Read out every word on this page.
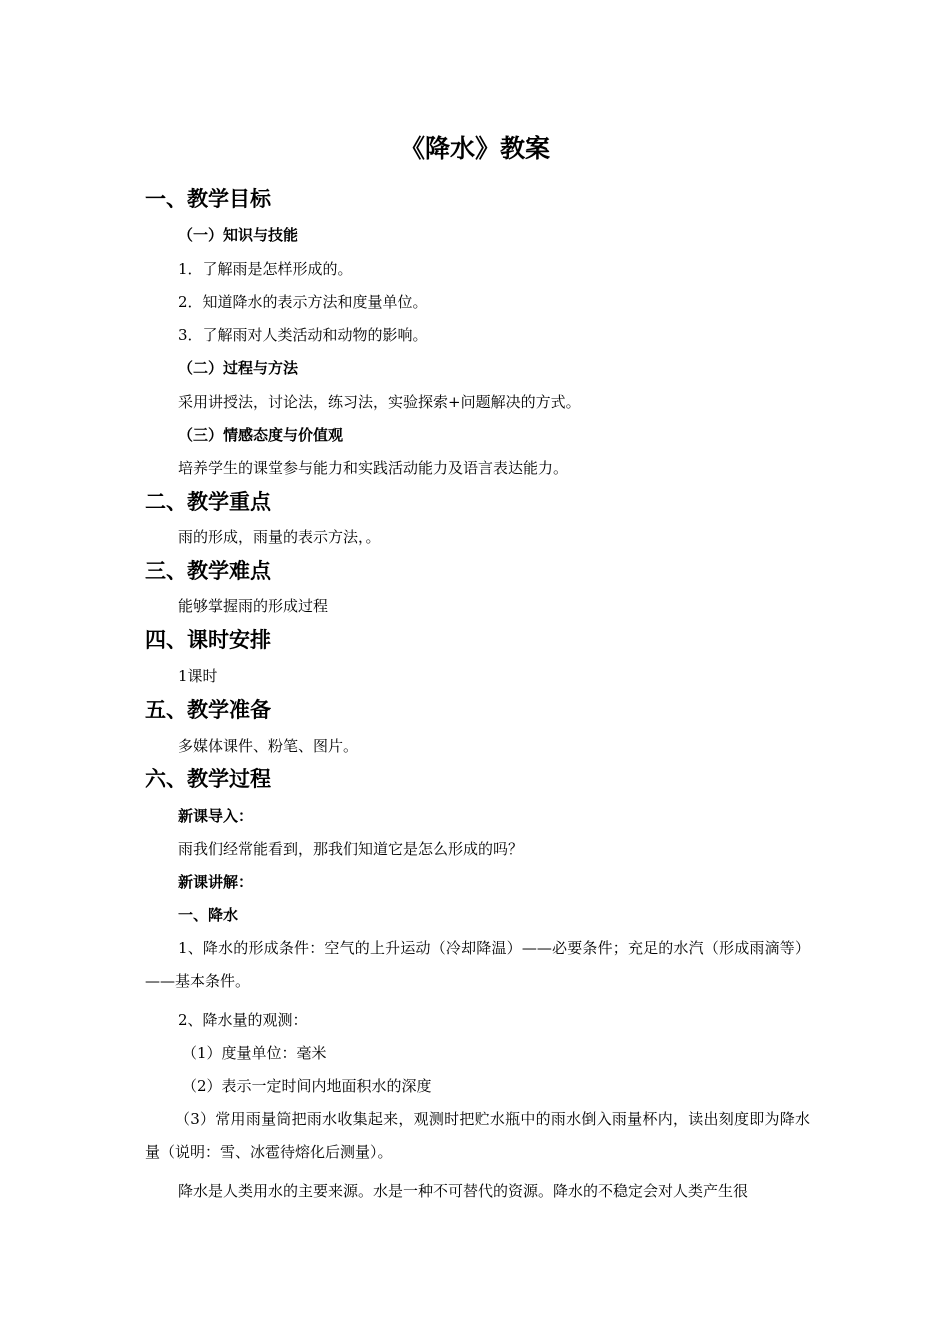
《降水》教案
一、教学目标
（一）知识与技能
1．了解雨是怎样形成的。
2．知道降水的表示方法和度量单位。
3．了解雨对人类活动和动物的影响。
（二）过程与方法
采用讲授法，讨论法，练习法，实验探索+问题解决的方式。
（三）情感态度与价值观
培养学生的课堂参与能力和实践活动能力及语言表达能力。
二、教学重点
雨的形成，雨量的表示方法，。
三、教学难点
能够掌握雨的形成过程
四、课时安排
1课时
五、教学准备
多媒体课件、粉笔、图片。
六、教学过程
新课导入：
雨我们经常能看到，那我们知道它是怎么形成的吗？
新课讲解：
一、降水
1、降水的形成条件：空气的上升运动（冷却降温）——必要条件；充足的水汽（形成雨滴等）——基本条件。
2、降水量的观测：
（1）度量单位：毫米
（2）表示一定时间内地面积水的深度
（3）常用雨量筒把雨水收集起来，观测时把贮水瓶中的雨水倒入雨量杯内，读出刻度即为降水量（说明：雪、冰雹待熔化后测量）。
降水是人类用水的主要来源。水是一种不可替代的资源。降水的不稳定会对人类产生很
